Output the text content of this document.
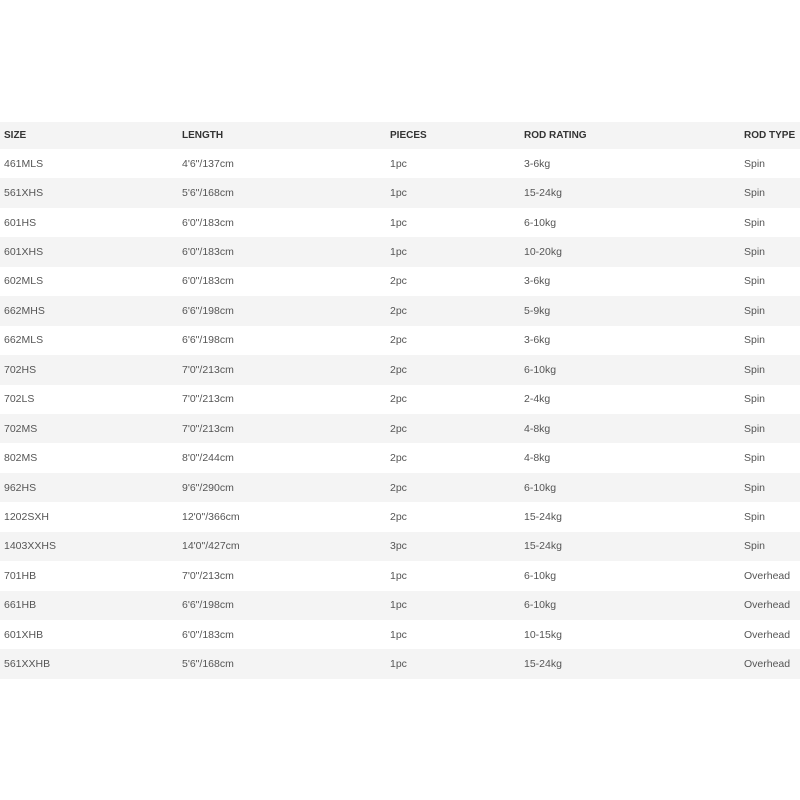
SIZE	LENGTH	PIECES	ROD RATING	ROD TYPE
461MLS	4'6"/137cm	1pc	3-6kg	Spin
561XHS	5'6"/168cm	1pc	15-24kg	Spin
601HS	6'0"/183cm	1pc	6-10kg	Spin
601XHS	6'0"/183cm	1pc	10-20kg	Spin
602MLS	6'0"/183cm	2pc	3-6kg	Spin
662MHS	6'6"/198cm	2pc	5-9kg	Spin
662MLS	6'6"/198cm	2pc	3-6kg	Spin
702HS	7'0"/213cm	2pc	6-10kg	Spin
702LS	7'0"/213cm	2pc	2-4kg	Spin
702MS	7'0"/213cm	2pc	4-8kg	Spin
802MS	8'0"/244cm	2pc	4-8kg	Spin
962HS	9'6"/290cm	2pc	6-10kg	Spin
1202SXH	12'0"/366cm	2pc	15-24kg	Spin
1403XXHS	14'0"/427cm	3pc	15-24kg	Spin
701HB	7'0"/213cm	1pc	6-10kg	Overhead
661HB	6'6"/198cm	1pc	6-10kg	Overhead
601XHB	6'0"/183cm	1pc	10-15kg	Overhead
561XXHB	5'6"/168cm	1pc	15-24kg	Overhead
